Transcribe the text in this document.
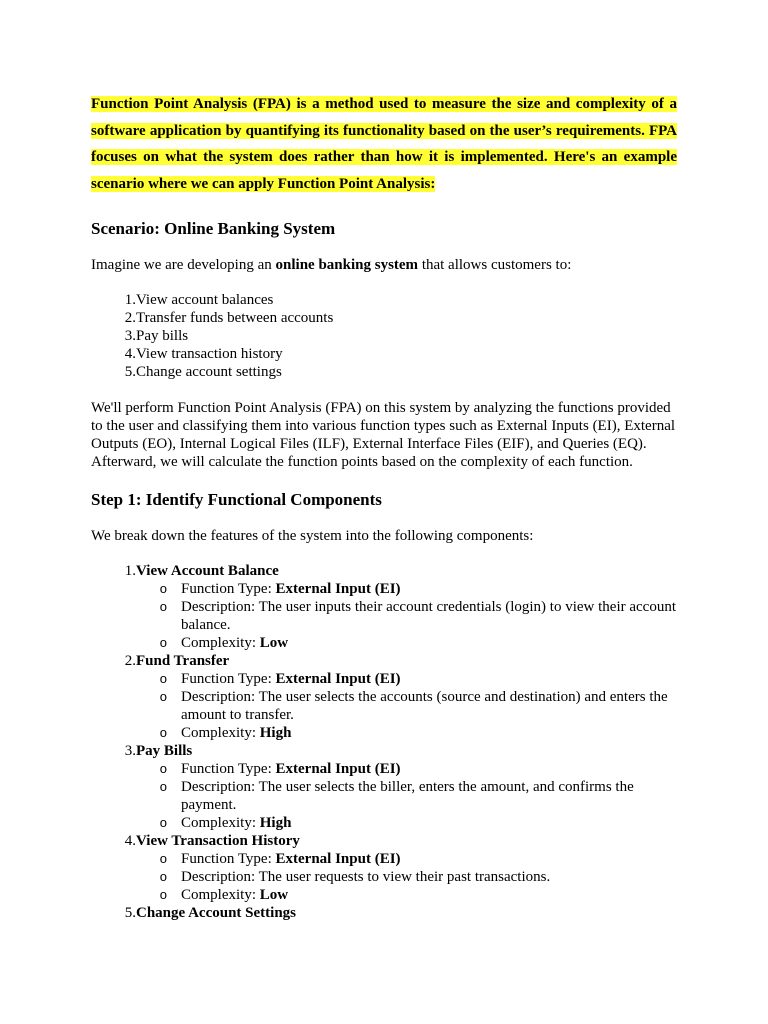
Function Point Analysis (FPA) is a method used to measure the size and complexity of a software application by quantifying its functionality based on the user’s requirements. FPA focuses on what the system does rather than how it is implemented. Here's an example scenario where we can apply Function Point Analysis:

Scenario: Online Banking System

Imagine we are developing an online banking system that allows customers to:

1. View account balances
2. Transfer funds between accounts
3. Pay bills
4. View transaction history
5. Change account settings

We'll perform Function Point Analysis (FPA) on this system by analyzing the functions provided to the user and classifying them into various function types such as External Inputs (EI), External Outputs (EO), Internal Logical Files (ILF), External Interface Files (EIF), and Queries (EQ). Afterward, we will calculate the function points based on the complexity of each function.

Step 1: Identify Functional Components

We break down the features of the system into the following components:

1. View Account Balance
o Function Type: External Input (EI)
o Description: The user inputs their account credentials (login) to view their account balance.
o Complexity: Low
2. Fund Transfer
o Function Type: External Input (EI)
o Description: The user selects the accounts (source and destination) and enters the amount to transfer.
o Complexity: High
3. Pay Bills
o Function Type: External Input (EI)
o Description: The user selects the biller, enters the amount, and confirms the payment.
o Complexity: High
4. View Transaction History
o Function Type: External Input (EI)
o Description: The user requests to view their past transactions.
o Complexity: Low
5. Change Account Settings
